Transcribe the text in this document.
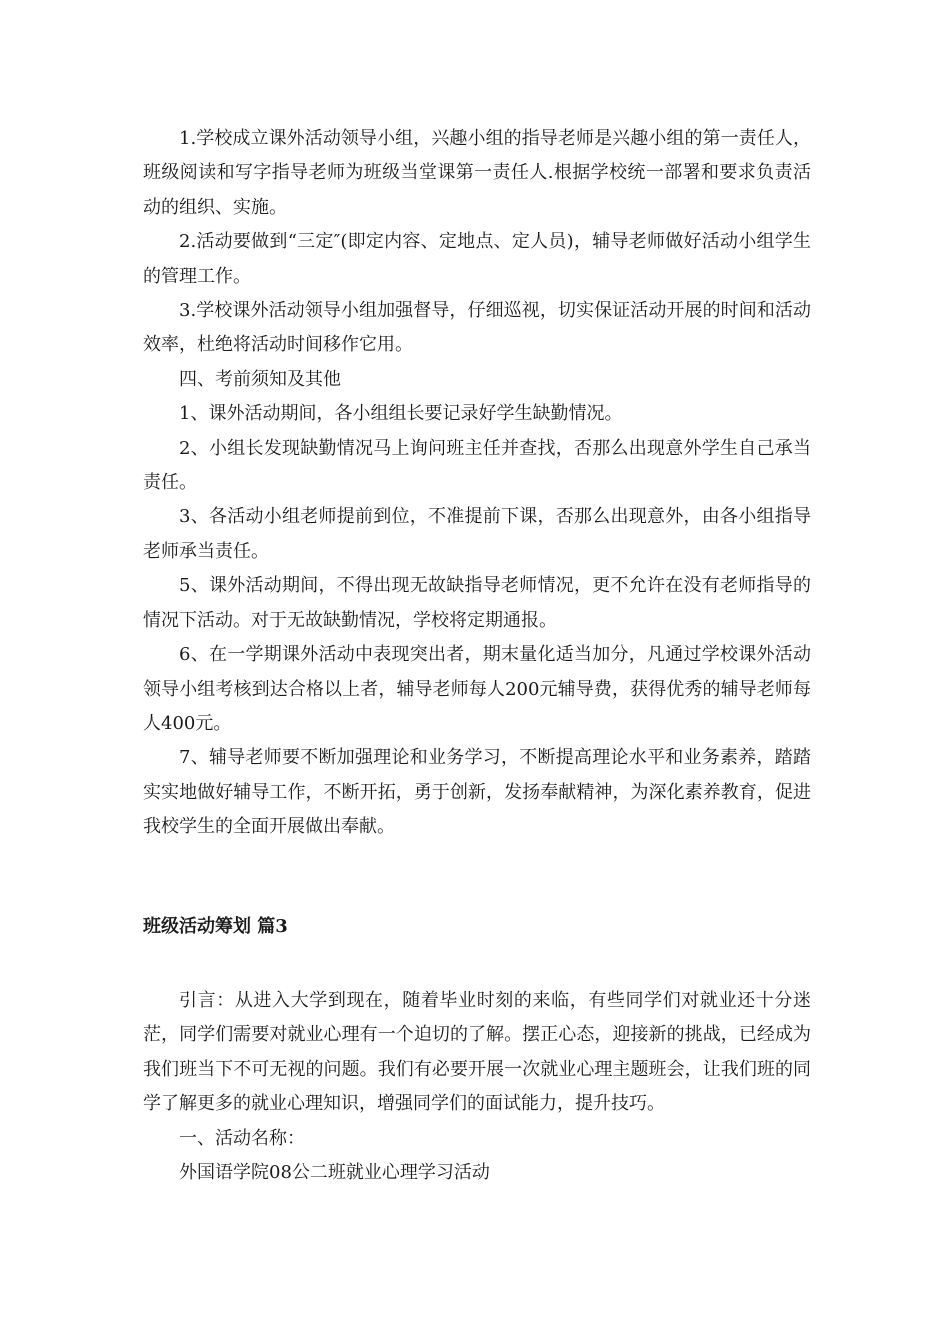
1.学校成立课外活动领导小组，兴趣小组的指导老师是兴趣小组的第一责任人，班级阅读和写字指导老师为班级当堂课第一责任人.根据学校统一部署和要求负责活动的组织、实施。

2.活动要做到“三定″(即定内容、定地点、定人员)，辅导老师做好活动小组学生的管理工作。

3.学校课外活动领导小组加强督导，仔细巡视，切实保证活动开展的时间和活动效率，杜绝将活动时间移作它用。

四、考前须知及其他

1、课外活动期间，各小组组长要记录好学生缺勤情况。

2、小组长发现缺勤情况马上询问班主任并查找，否那么出现意外学生自己承当责任。

3、各活动小组老师提前到位，不准提前下课，否那么出现意外，由各小组指导老师承当责任。

5、课外活动期间，不得出现无故缺指导老师情况，更不允许在没有老师指导的情况下活动。对于无故缺勤情况，学校将定期通报。

6、在一学期课外活动中表现突出者，期末量化适当加分，凡通过学校课外活动领导小组考核到达合格以上者，辅导老师每人200元辅导费，获得优秀的辅导老师每人400元。

7、辅导老师要不断加强理论和业务学习，不断提高理论水平和业务素养，踏踏实实地做好辅导工作，不断开拓，勇于创新，发扬奉献精神，为深化素养教育，促进我校学生的全面开展做出奉献。

班级活动筹划 篇3

引言：从进入大学到现在，随着毕业时刻的来临，有些同学们对就业还十分迷茫，同学们需要对就业心理有一个迫切的了解。摆正心态，迎接新的挑战，已经成为我们班当下不可无视的问题。我们有必要开展一次就业心理主题班会，让我们班的同学了解更多的就业心理知识，增强同学们的面试能力，提升技巧。

一、活动名称：

外国语学院08公二班就业心理学习活动
